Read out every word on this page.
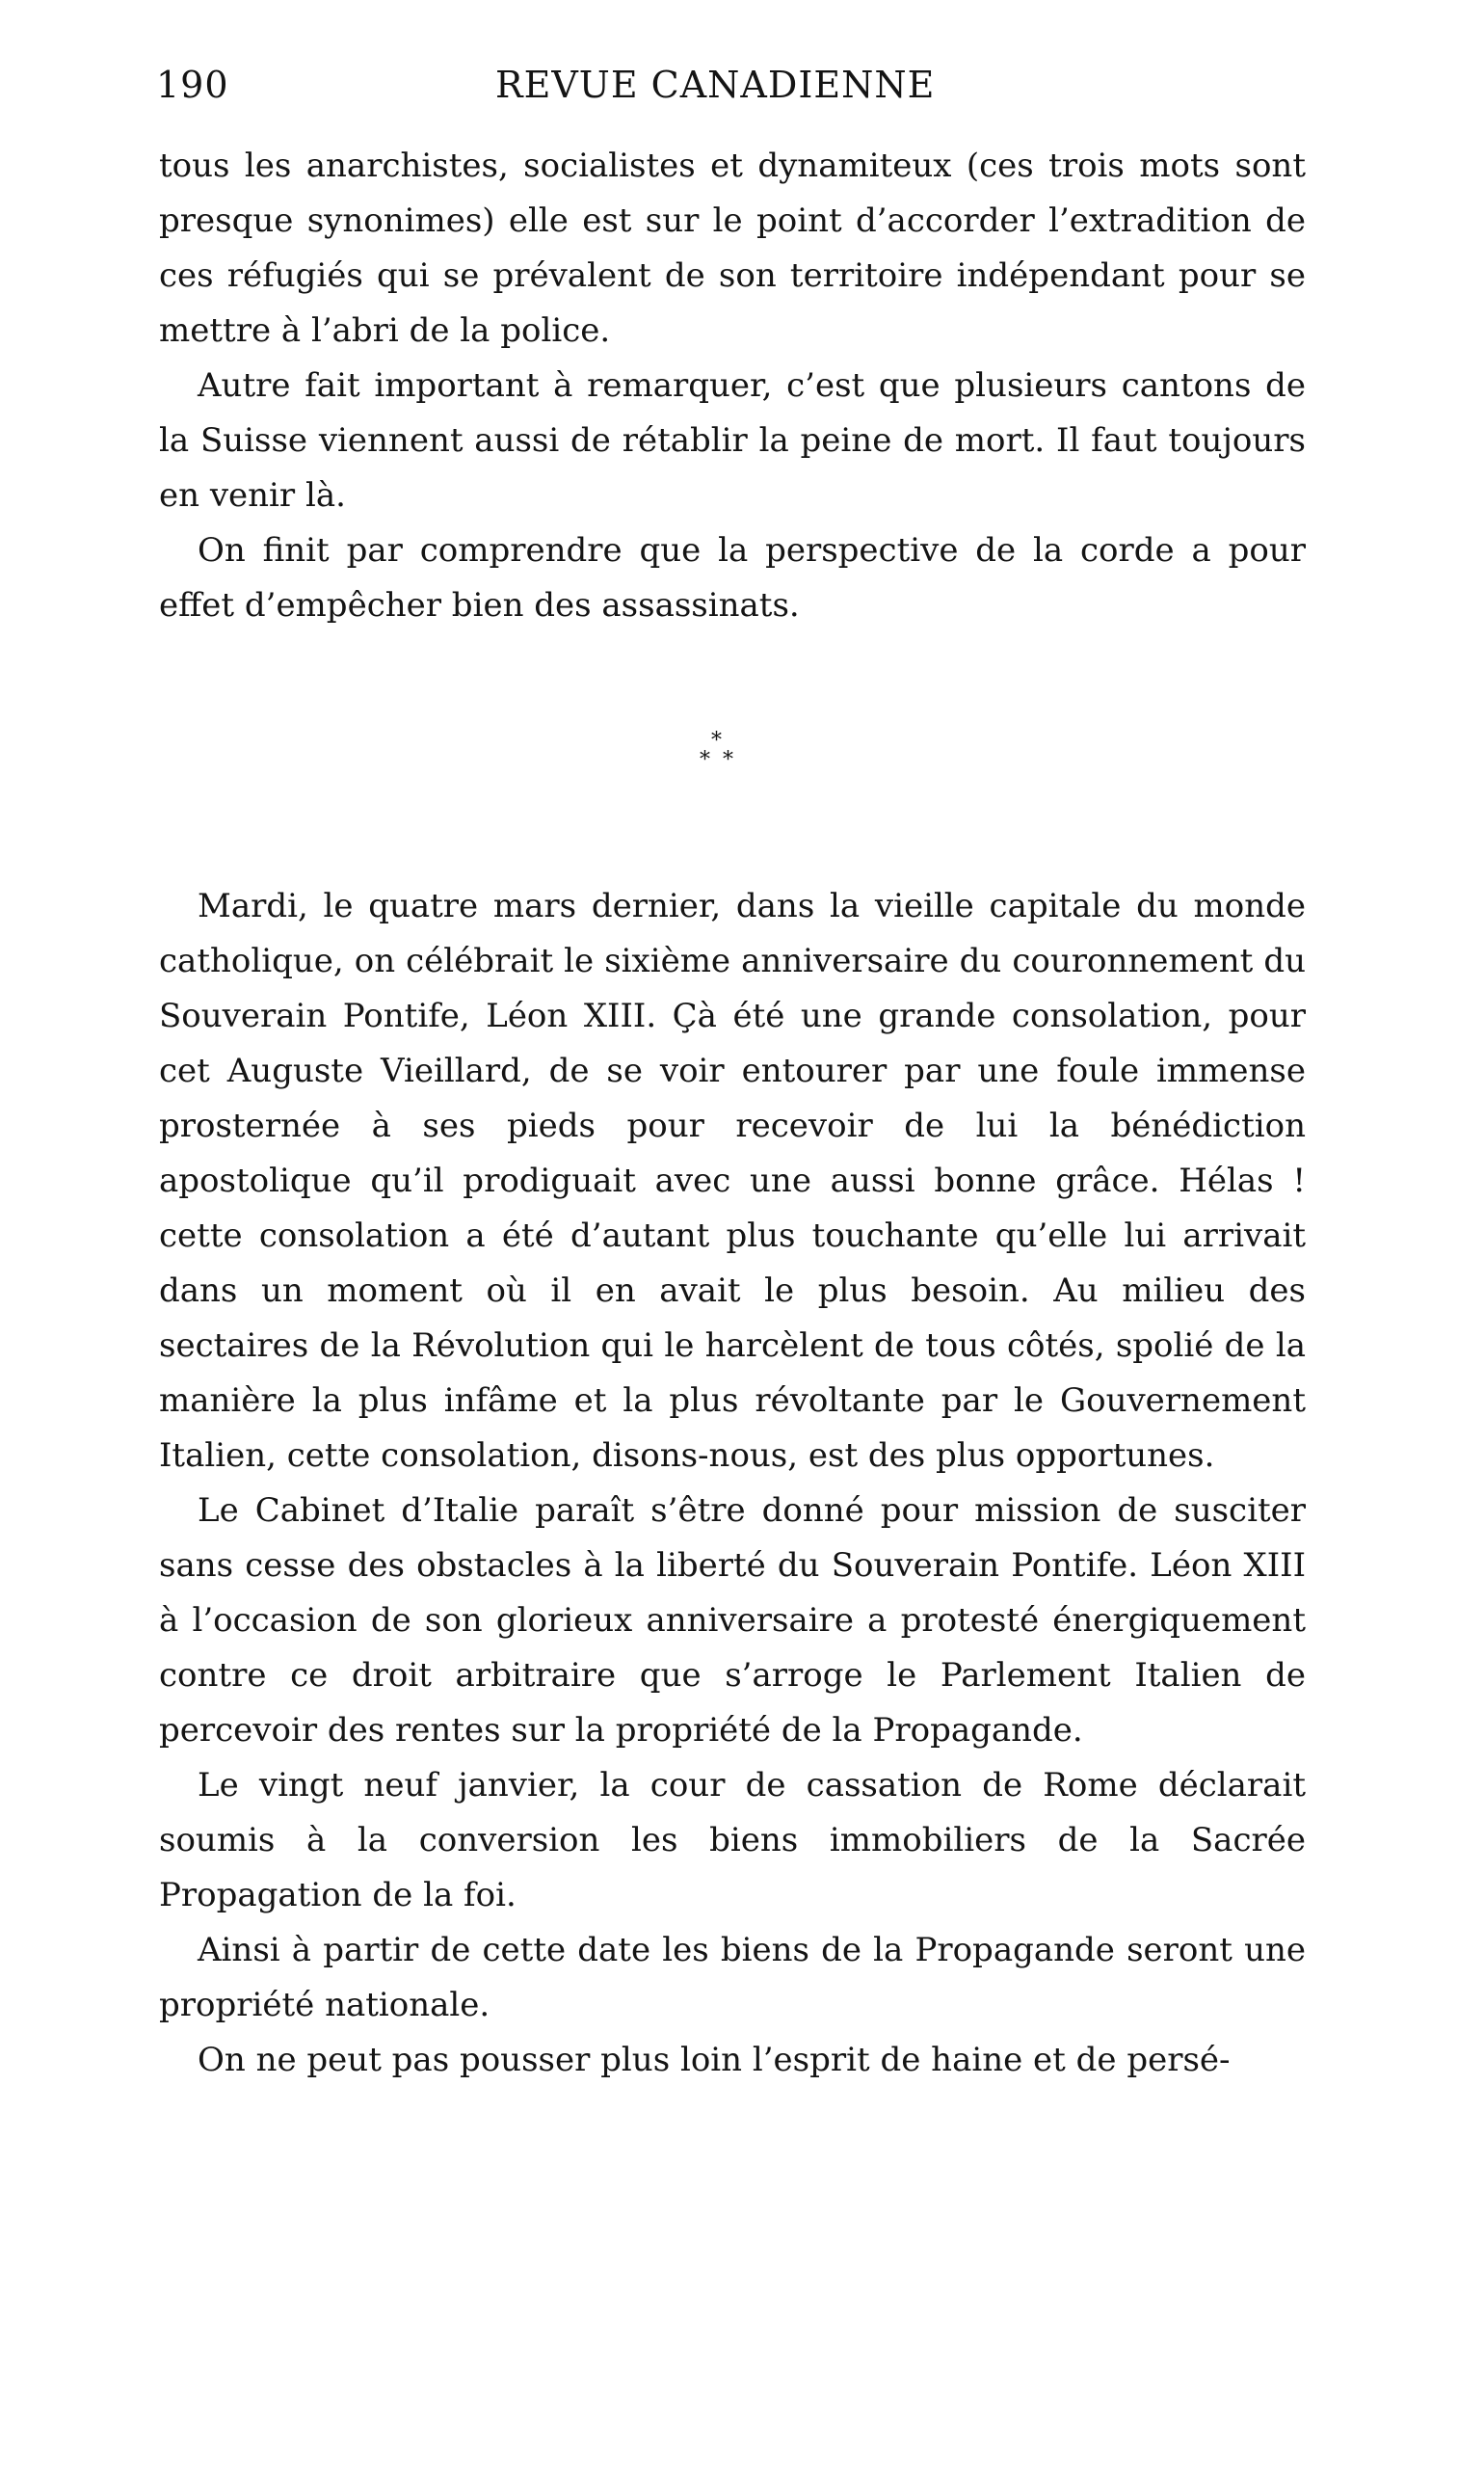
190	REVUE CANADIENNE

tous les anarchistes, socialistes et dynamiteux (ces trois mots sont presque synonimes) elle est sur le point d’accorder l’extradition de ces réfugiés qui se prévalent de son territoire indépendant pour se mettre à l’abri de la police.

Autre fait important à remarquer, c’est que plusieurs cantons de la Suisse viennent aussi de rétablir la peine de mort. Il faut toujours en venir là.

On finit par comprendre que la perspective de la corde a pour effet d’empêcher bien des assassinats.

*
* *

Mardi, le quatre mars dernier, dans la vieille capitale du monde catholique, on célébrait le sixième anniversaire du couronnement du Souverain Pontife, Léon XIII. Çà été une grande consolation, pour cet Auguste Vieillard, de se voir entourer par une foule immense prosternée à ses pieds pour recevoir de lui la bénédiction apostolique qu’il prodiguait avec une aussi bonne grâce. Hélas ! cette consolation a été d’autant plus touchante qu’elle lui arrivait dans un moment où il en avait le plus besoin. Au milieu des sectaires de la Révolution qui le harcèlent de tous côtés, spolié de la manière la plus infâme et la plus révoltante par le Gouvernement Italien, cette consolation, disons-nous, est des plus opportunes.

Le Cabinet d’Italie paraît s’être donné pour mission de susciter sans cesse des obstacles à la liberté du Souverain Pontife. Léon XIII à l’occasion de son glorieux anniversaire a protesté énergiquement contre ce droit arbitraire que s’arroge le Parlement Italien de percevoir des rentes sur la propriété de la Propagande.

Le vingt neuf janvier, la cour de cassation de Rome déclarait soumis à la conversion les biens immobiliers de la Sacrée Propagation de la foi.

Ainsi à partir de cette date les biens de la Propagande seront une propriété nationale.

On ne peut pas pousser plus loin l’esprit de haine et de persé-
